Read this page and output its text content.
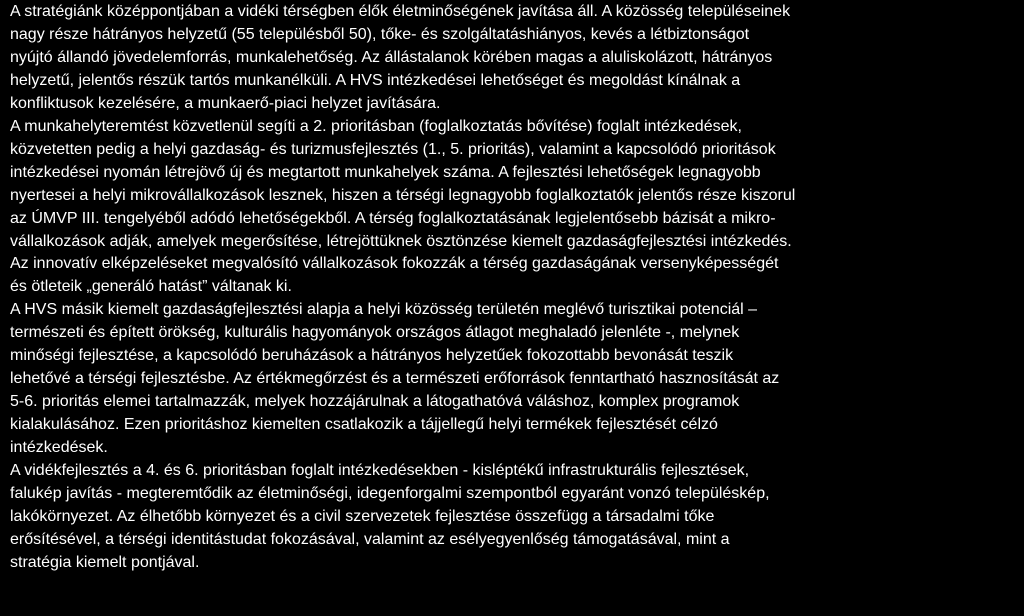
A stratégiánk középpontjában a vidéki térségben élők életminőségének javítása áll. A közösség településeinek
nagy része hátrányos helyzetű (55 településből 50), tőke- és szolgáltatáshiányos, kevés a létbiztonságot
nyújtó állandó jövedelemforrás, munkalehetőség. Az állástalanok körében magas a aluliskolázott, hátrányos
helyzetű, jelentős részük tartós munkanélküli. A HVS intézkedései lehetőséget és megoldást kínálnak a
konfliktusok kezelésére, a munkaerő-piaci helyzet javítására.
A munkahelyteremtést közvetlenül segíti a 2. prioritásban (foglalkoztatás bővítése) foglalt intézkedések,
közvetetten pedig a helyi gazdaság- és turizmusfejlesztés (1., 5. prioritás), valamint a kapcsolódó prioritások
intézkedései nyomán létrejövő új és megtartott munkahelyek száma. A fejlesztési lehetőségek legnagyobb
nyertesei a helyi mikrovállalkozások lesznek, hiszen a térségi legnagyobb foglalkoztatók jelentős része kiszorul
az ÚMVP III. tengelyéből adódó lehetőségekből. A térség foglalkoztatásának legjelentősebb bázisát a mikro-
vállalkozások adják, amelyek megerősítése, létrejöttüknek ösztönzése kiemelt gazdaságfejlesztési intézkedés.
Az innovatív elképzeléseket megvalósító vállalkozások fokozzák a térség gazdaságának versenyképességét
és ötleteik „generáló hatást” váltanak ki.
A HVS másik kiemelt gazdaságfejlesztési alapja a helyi közösség területén meglévő turisztikai potenciál –
természeti és épített örökség, kulturális hagyományok országos átlagot meghaladó jelenléte -, melynek
minőségi fejlesztése, a kapcsolódó beruházások a hátrányos helyzetűek fokozottabb bevonását teszik
lehetővé a térségi fejlesztésbe. Az értékmegőrzést és a természeti erőforrások fenntartható hasznosítását az
5-6. prioritás elemei tartalmazzák, melyek hozzájárulnak a látogathatóvá váláshoz, komplex programok
kialakulásához. Ezen prioritáshoz kiemelten csatlakozik a tájjellegű helyi termékek fejlesztését célzó
intézkedések.
A vidékfejlesztés a 4. és 6. prioritásban foglalt intézkedésekben - kisléptékű infrastrukturális fejlesztések,
falukép javítás - megteremtődik az életminőségi, idegenforgalmi szempontból egyaránt vonzó településkép,
lakókörnyezet. Az élhetőbb környezet és a civil szervezetek fejlesztése összefügg a társadalmi tőke
erősítésével, a térségi identitástudat fokozásával, valamint az esélyegyenlőség támogatásával, mint a
stratégia kiemelt pontjával.
